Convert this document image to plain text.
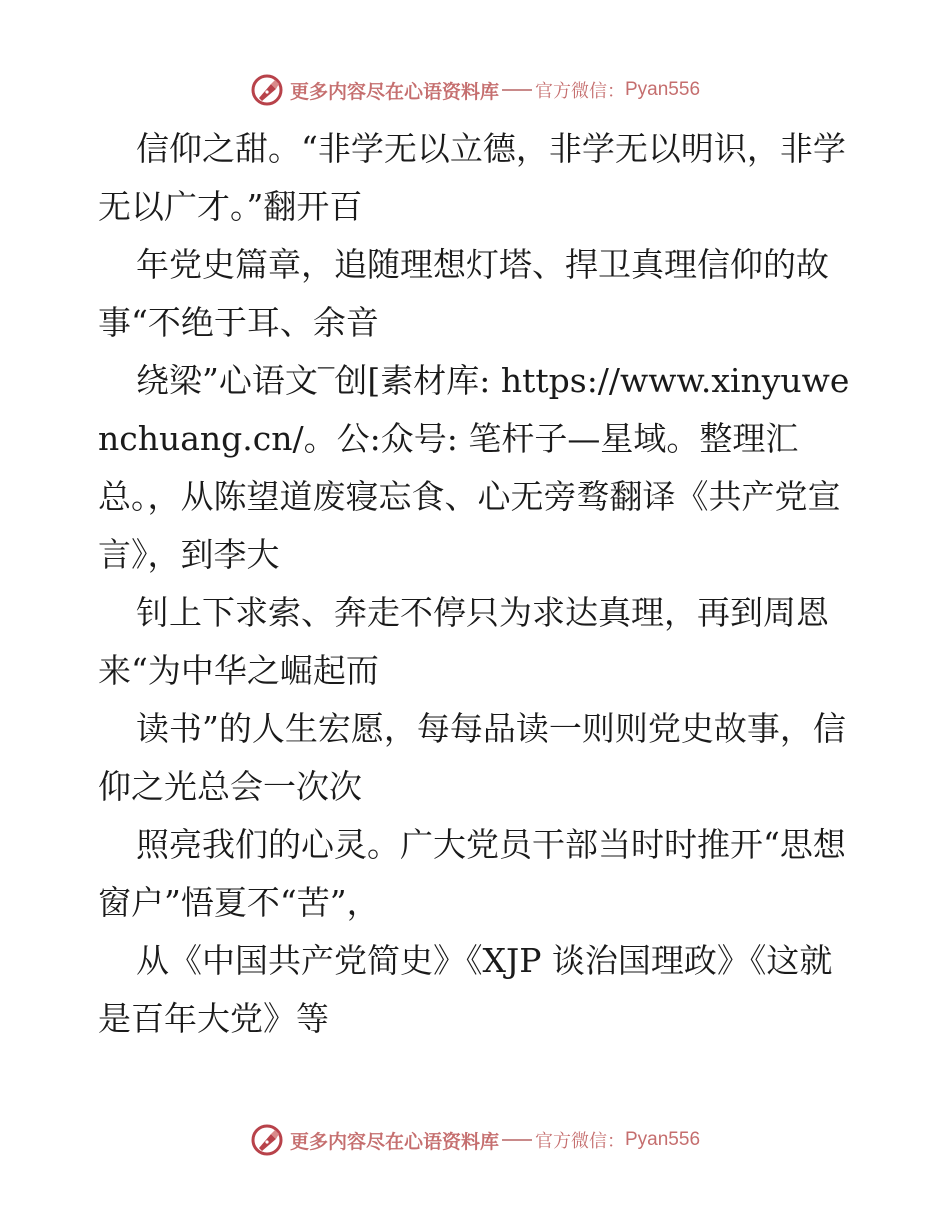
更多内容尽在心语资料库 官方微信： Pyan556

信仰之甜。“非学无以立德，非学无以明识，非学无以广才。”翻开百

年党史篇章，追随理想灯塔、捍卫真理信仰的故事“不绝于耳、余音

绕梁”心语文‾创[素材库: https://www.xinyuwenchuang.cn/。公:众号: 笔杆子—星域。整理汇总。，从陈望道废寝忘食、心无旁骛翻译《共产党宣言》，到李大

钊上下求索、奔走不停只为求达真理，再到周恩来“为中华之崛起而

读书”的人生宏愿，每每品读一则则党史故事，信仰之光总会一次次

照亮我们的心灵。广大党员干部当时时推开“思想窗户”悟夏不“苦”，

从《中国共产党简史》《XJP 谈治国理政》《这就是百年大党》等

更多内容尽在心语资料库 官方微信： Pyan556
